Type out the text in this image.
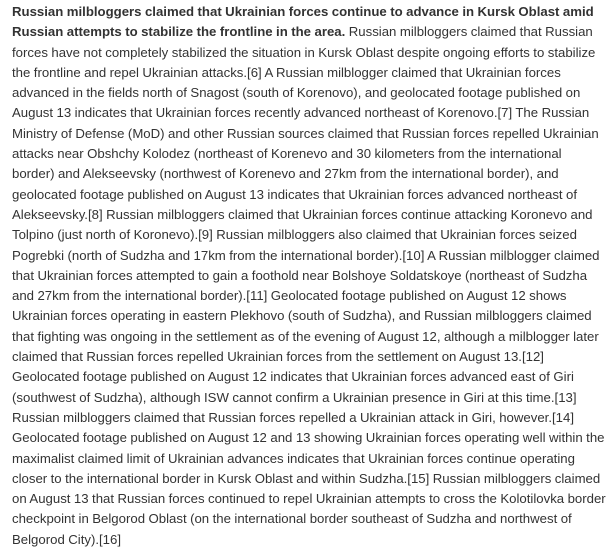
Russian milbloggers claimed that Ukrainian forces continue to advance in Kursk Oblast amid Russian attempts to stabilize the frontline in the area. Russian milbloggers claimed that Russian forces have not completely stabilized the situation in Kursk Oblast despite ongoing efforts to stabilize the frontline and repel Ukrainian attacks.[6] A Russian milblogger claimed that Ukrainian forces advanced in the fields north of Snagost (south of Korenovo), and geolocated footage published on August 13 indicates that Ukrainian forces recently advanced northeast of Korenovo.[7] The Russian Ministry of Defense (MoD) and other Russian sources claimed that Russian forces repelled Ukrainian attacks near Obshchy Kolodez (northeast of Korenevo and 30 kilometers from the international border) and Alekseevsky (northwest of Korenevo and 27km from the international border), and geolocated footage published on August 13 indicates that Ukrainian forces advanced northeast of Alekseevsky.[8] Russian milbloggers claimed that Ukrainian forces continue attacking Koronevo and Tolpino (just north of Koronevo).[9] Russian milbloggers also claimed that Ukrainian forces seized Pogrebki (north of Sudzha and 17km from the international border).[10] A Russian milblogger claimed that Ukrainian forces attempted to gain a foothold near Bolshoye Soldatskoye (northeast of Sudzha and 27km from the international border).[11] Geolocated footage published on August 12 shows Ukrainian forces operating in eastern Plekhovo (south of Sudzha), and Russian milbloggers claimed that fighting was ongoing in the settlement as of the evening of August 12, although a milblogger later claimed that Russian forces repelled Ukrainian forces from the settlement on August 13.[12] Geolocated footage published on August 12 indicates that Ukrainian forces advanced east of Giri (southwest of Sudzha), although ISW cannot confirm a Ukrainian presence in Giri at this time.[13] Russian milbloggers claimed that Russian forces repelled a Ukrainian attack in Giri, however.[14] Geolocated footage published on August 12 and 13 showing Ukrainian forces operating well within the maximalist claimed limit of Ukrainian advances indicates that Ukrainian forces continue operating closer to the international border in Kursk Oblast and within Sudzha.[15] Russian milbloggers claimed on August 13 that Russian forces continued to repel Ukrainian attempts to cross the Kolotilovka border checkpoint in Belgorod Oblast (on the international border southeast of Sudzha and northwest of Belgorod City).[16]
